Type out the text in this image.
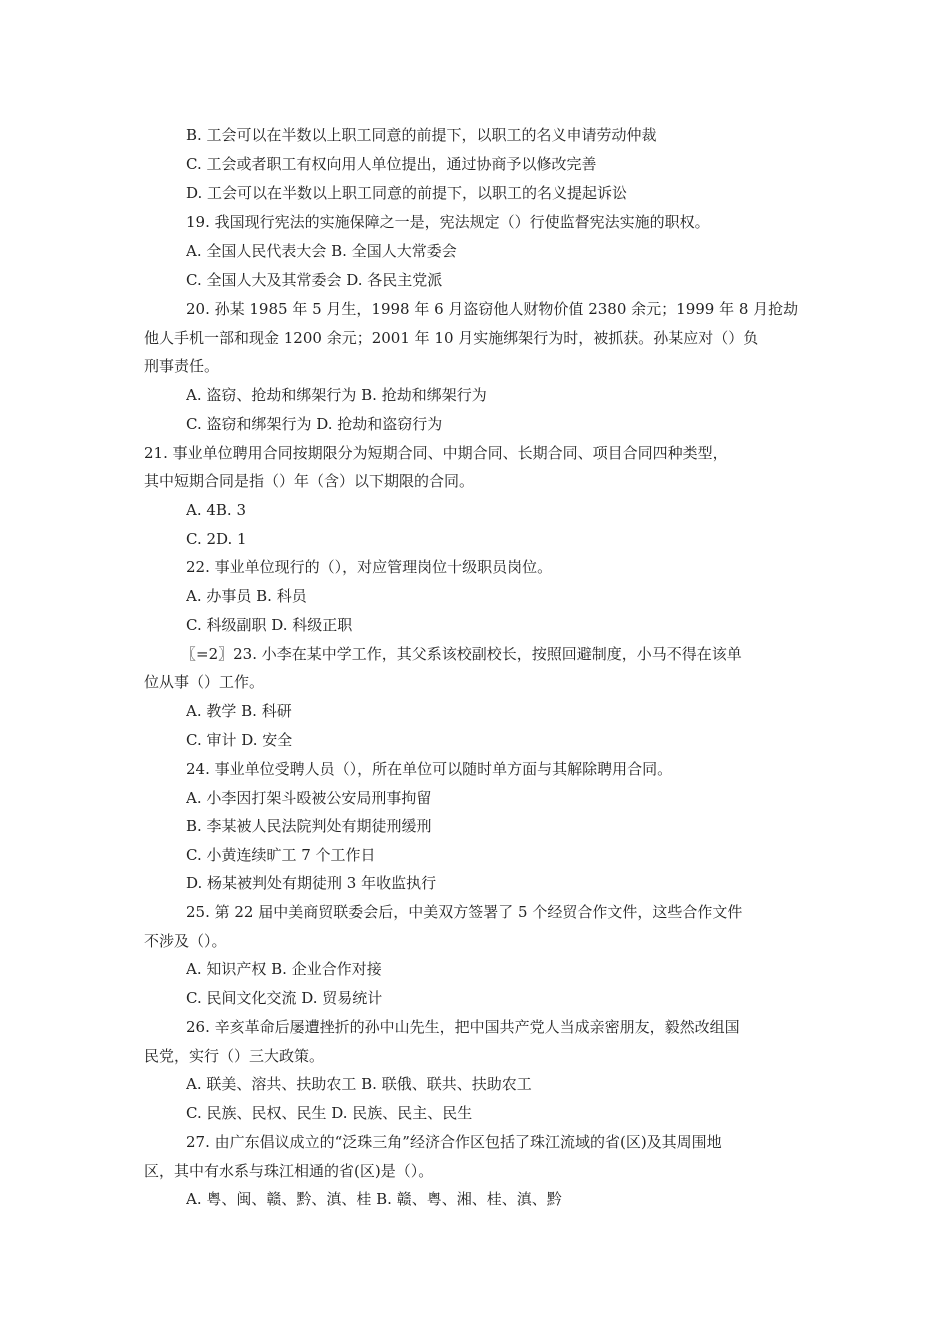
B. 工会可以在半数以上职工同意的前提下，以职工的名义申请劳动仲裁
C. 工会或者职工有权向用人单位提出，通过协商予以修改完善
D. 工会可以在半数以上职工同意的前提下，以职工的名义提起诉讼
19. 我国现行宪法的实施保障之一是，宪法规定（）行使监督宪法实施的职权。
A. 全国人民代表大会 B. 全国人大常委会
C. 全国人大及其常委会 D. 各民主党派
20. 孙某 1985 年 5 月生，1998 年 6 月盗窃他人财物价值 2380 余元；1999 年 8 月抢劫
他人手机一部和现金 1200 余元；2001 年 10 月实施绑架行为时，被抓获。孙某应对（）负
刑事责任。
A. 盗窃、抢劫和绑架行为 B. 抢劫和绑架行为
C. 盗窃和绑架行为 D. 抢劫和盗窃行为
21. 事业单位聘用合同按期限分为短期合同、中期合同、长期合同、项目合同四种类型，
其中短期合同是指（）年（含）以下期限的合同。
A. 4B. 3
C. 2D. 1
22. 事业单位现行的（），对应管理岗位十级职员岗位。
A. 办事员 B. 科员
C. 科级副职 D. 科级正职
〖=2〗23. 小李在某中学工作，其父系该校副校长，按照回避制度，小马不得在该单
位从事（）工作。
A. 教学 B. 科研
C. 审计 D. 安全
24. 事业单位受聘人员（），所在单位可以随时单方面与其解除聘用合同。
A. 小李因打架斗殴被公安局刑事拘留
B. 李某被人民法院判处有期徒刑缓刑
C. 小黄连续旷工 7 个工作日
D. 杨某被判处有期徒刑 3 年收监执行
25. 第 22 届中美商贸联委会后，中美双方签署了 5 个经贸合作文件，这些合作文件
不涉及（）。
A. 知识产权 B. 企业合作对接
C. 民间文化交流 D. 贸易统计
26. 辛亥革命后屡遭挫折的孙中山先生，把中国共产党人当成亲密朋友，毅然改组国
民党，实行（）三大政策。
A. 联美、溶共、扶助农工 B. 联俄、联共、扶助农工
C. 民族、民权、民生 D. 民族、民主、民生
27. 由广东倡议成立的“泛珠三角”经济合作区包括了珠江流域的省(区)及其周围地
区，其中有水系与珠江相通的省(区)是（）。
A. 粤、闽、赣、黔、滇、桂 B. 赣、粤、湘、桂、滇、黔
